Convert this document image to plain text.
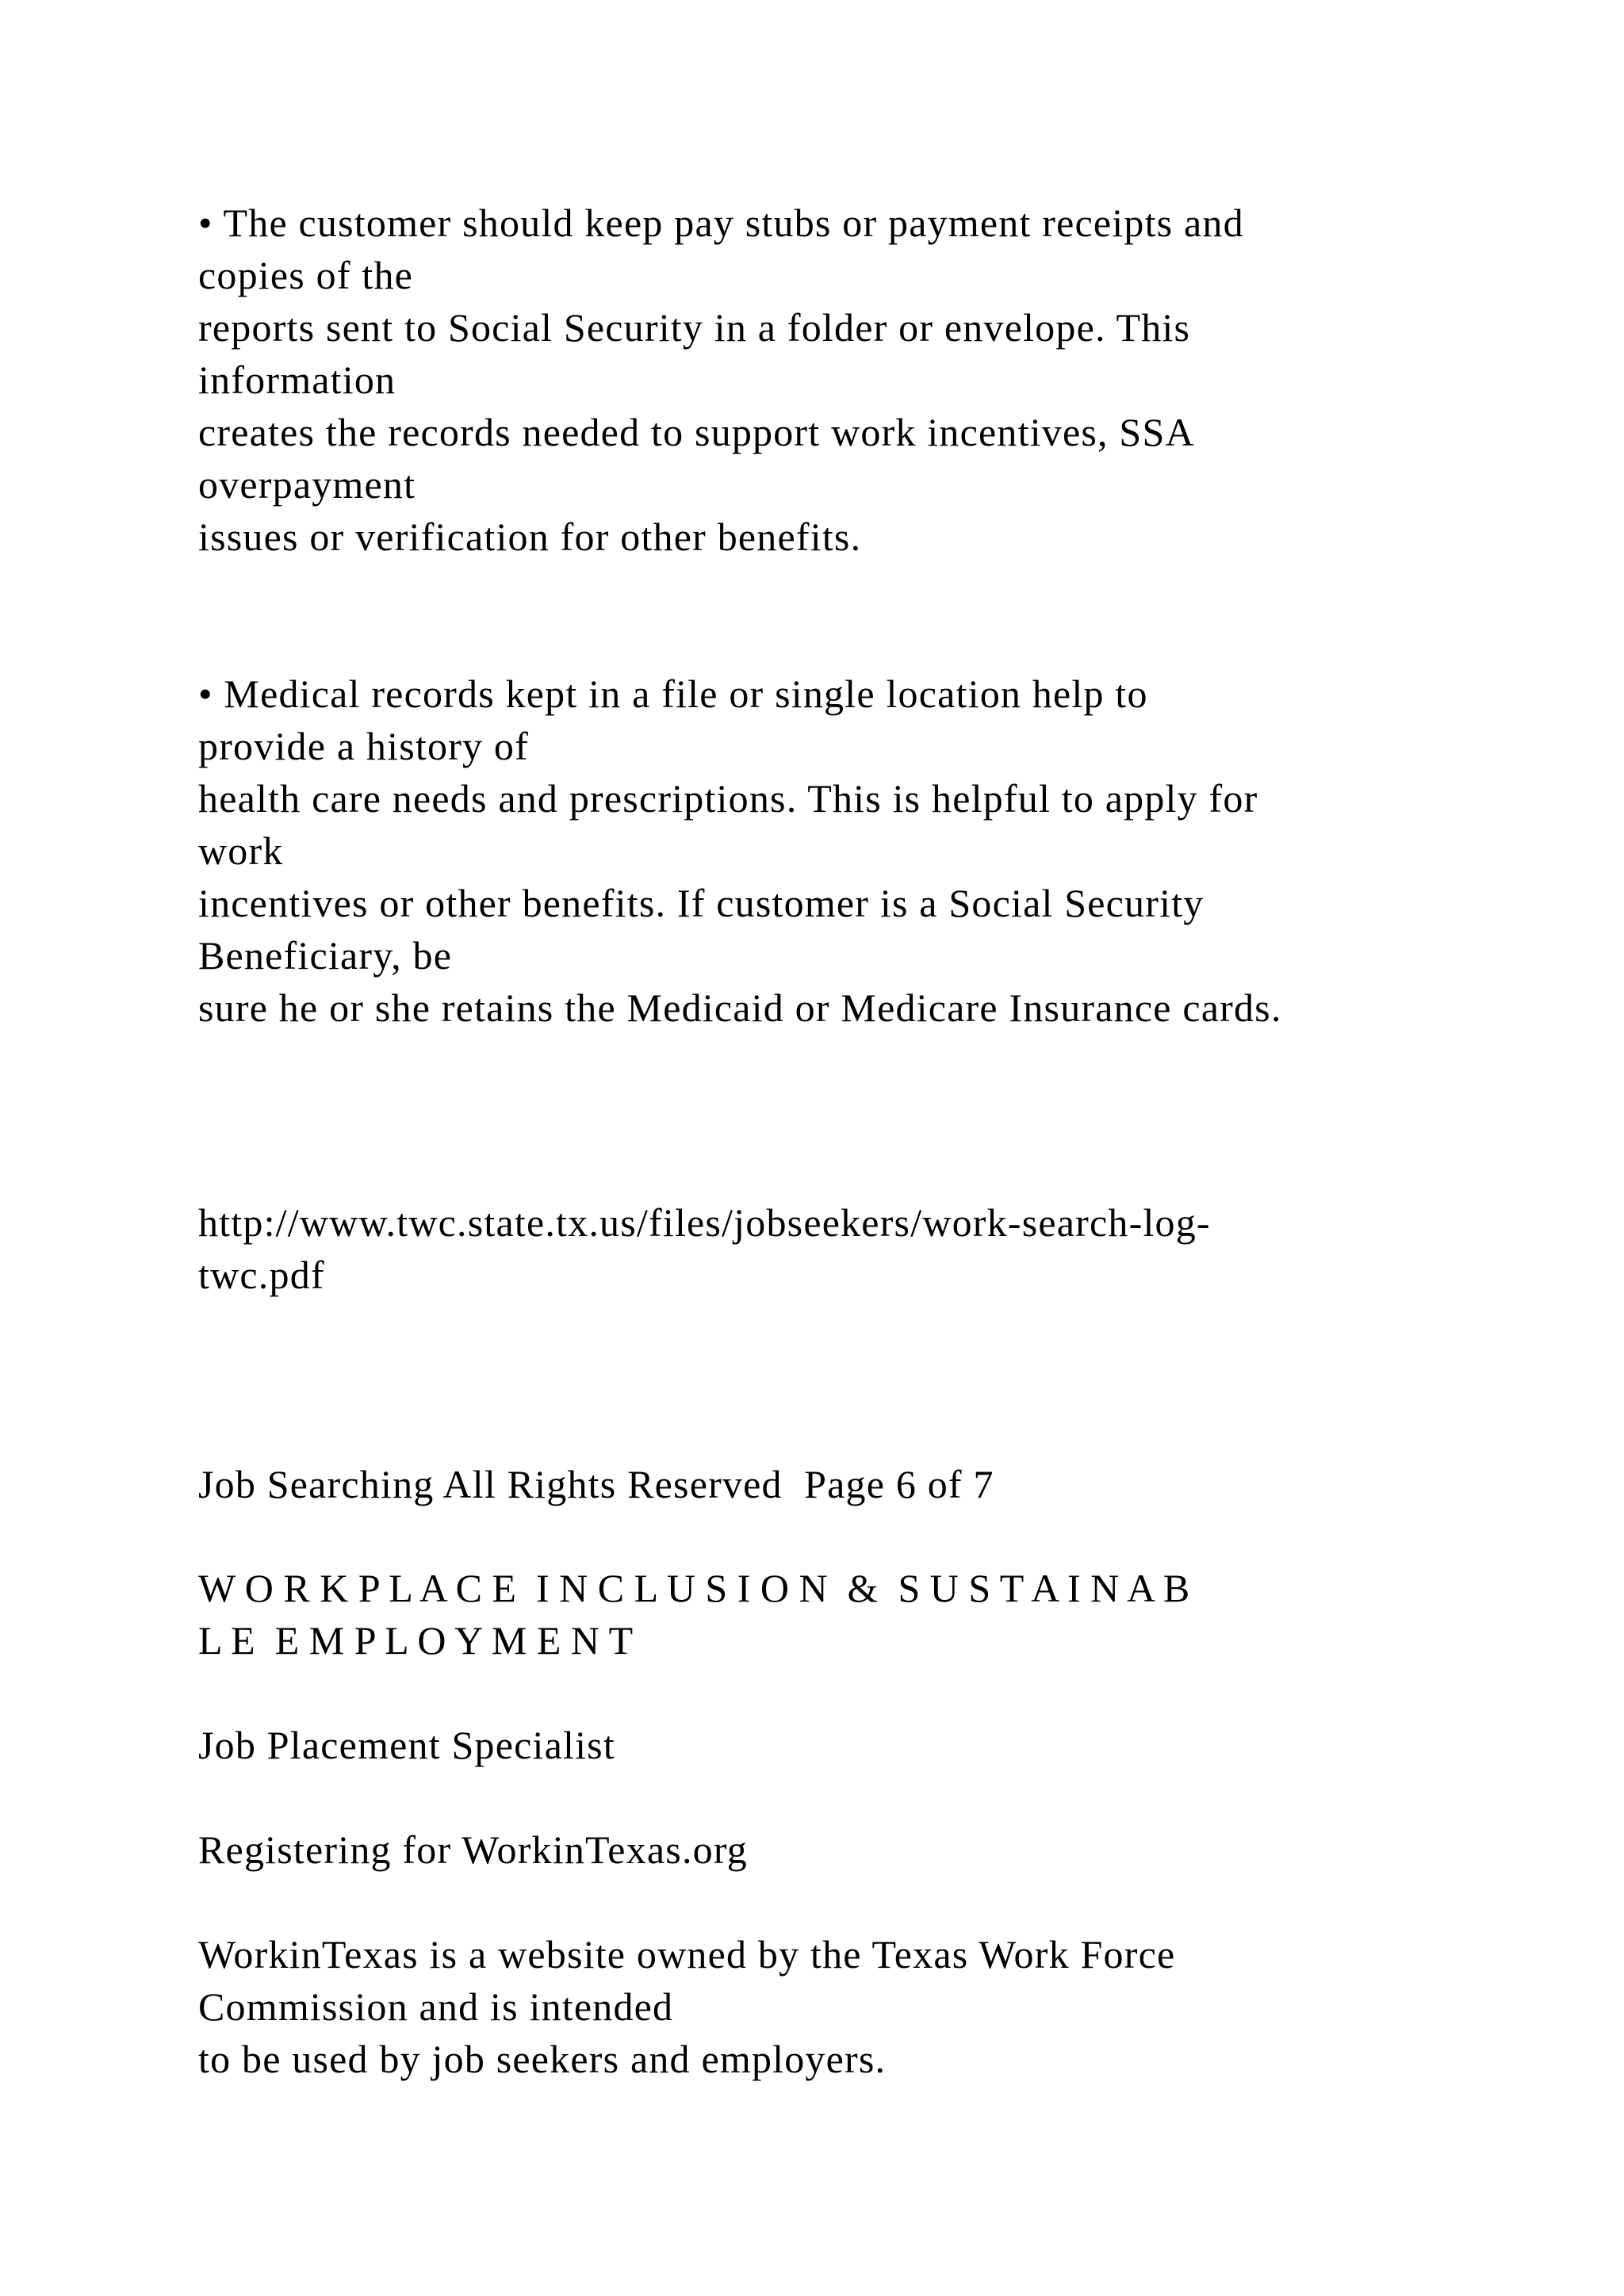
• The customer should keep pay stubs or payment receipts and
copies of the
reports sent to Social Security in a folder or envelope. This
information
creates the records needed to support work incentives, SSA
overpayment
issues or verification for other benefits.
• Medical records kept in a file or single location help to
provide a history of
health care needs and prescriptions. This is helpful to apply for
work
incentives or other benefits. If customer is a Social Security
Beneficiary, be
sure he or she retains the Medicaid or Medicare Insurance cards.
http://www.twc.state.tx.us/files/jobseekers/work-search-log-
twc.pdf
Job Searching All Rights Reserved  Page 6 of 7
W O R K P L A C E  I N C L U S I O N  &  S U S T A I N A B
L E  E M P L O Y M E N T
Job Placement Specialist
Registering for WorkinTexas.org
WorkinTexas is a website owned by the Texas Work Force
Commission and is intended
to be used by job seekers and employers.
